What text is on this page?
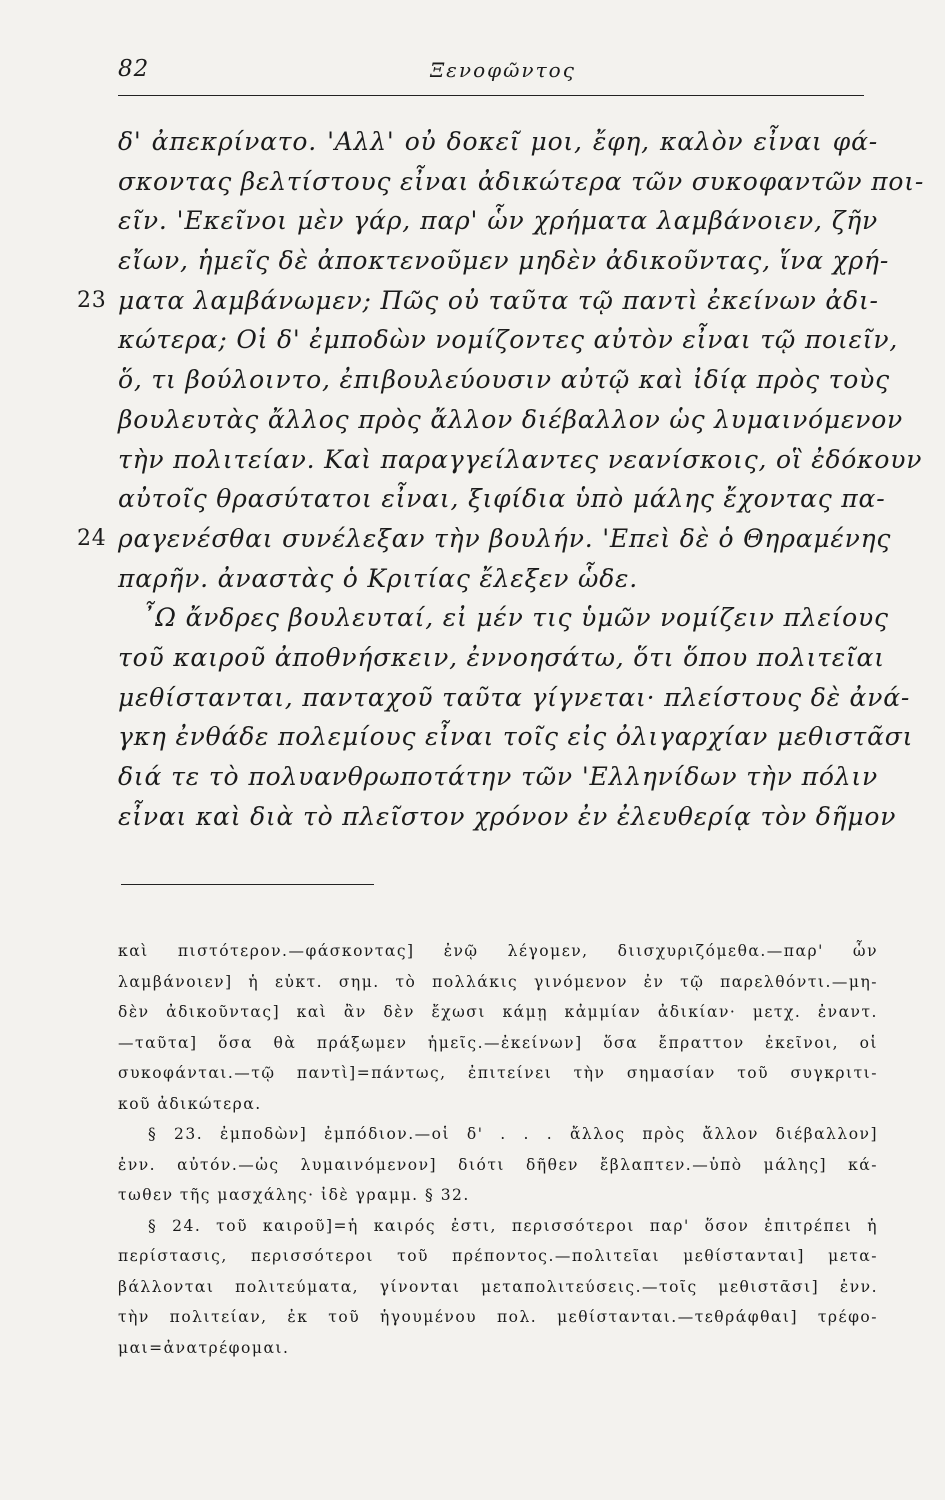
82	Ξενοφῶντος
δ' ἀπεκρίνατο. 'Αλλ' οὐ δοκεῖ μοι, ἔφη, καλὸν εἶναι φά-
σκοντας βελτίστους εἶναι ἀδικώτερα τῶν συκοφαντῶν ποι-
εῖν. 'Εκεῖνοι μὲν γάρ, παρ' ὧν χρήματα λαμβάνοιεν, ζῆν
εἴων, ἡμεῖς δὲ ἀποκτενοῦμεν μηδὲν ἀδικοῦντας, ἵνα χρή-
23 ματα λαμβάνωμεν; Πῶς οὐ ταῦτα τῷ παντὶ ἐκείνων ἀδι-
κώτερα; Οἱ δ' ἐμποδὼν νομίζοντες αὐτὸν εἶναι τῷ ποιεῖν,
ὅ, τι βούλοιντο, ἐπιβουλεύουσιν αὐτῷ καὶ ἰδίᾳ πρὸς τοὺς
βουλευτὰς ἄλλος πρὸς ἄλλον διέβαλλον ὡς λυμαινόμενον
τὴν πολιτείαν. Καὶ παραγγείλαντες νεανίσκοις, οἳ ἐδόκουν
αὐτοῖς θρασύτατοι εἶναι, ξιφίδια ὑπὸ μάλης ἔχοντας πα-
24 ραγενέσθαι συνέλεξαν τὴν βουλήν. 'Επεὶ δὲ ὁ Θηραμένης
παρῆν. ἀναστὰς ὁ Κριτίας ἔλεξεν ὧδε.
῏Ω ἄνδρες βουλευταί, εἰ μέν τις ὑμῶν νομίζειν πλείους
τοῦ καιροῦ ἀποθνήσκειν, ἐννοησάτω, ὅτι ὅπου πολιτεῖαι
μεθίστανται, πανταχοῦ ταῦτα γίγνεται· πλείστους δὲ ἀνά-
γκη ἐνθάδε πολεμίους εἶναι τοῖς εἰς ὀλιγαρχίαν μεθιστᾶσι
διά τε τὸ πολυανθρωποτάτην τῶν 'Ελληνίδων τὴν πόλιν
εἶναι καὶ διὰ τὸ πλεῖστον χρόνον ἐν ἐλευθερίᾳ τὸν δῆμον
καὶ πιστότερον.—φάσκοντας] ἐνῷ λέγομεν, διισχυριζόμεθα.—παρ' ὧν
λαμβάνοιεν] ἡ εὐκτ. σημ. τὸ πολλάκις γινόμενον ἐν τῷ παρελθόντι.—μη-
δὲν ἀδικοῦντας] καὶ ἂν δὲν ἔχωσι κάμῃ κἀμμίαν ἀδικίαν· μετχ. ἐναντ.
—ταῦτα] ὅσα θὰ πράξωμεν ἡμεῖς.—ἐκείνων] ὅσα ἔπραττον ἐκεῖνοι, οἱ
συκοφάνται.—τῷ παντὶ]=πάντως, ἐπιτείνει τὴν σημασίαν τοῦ συγκριτι-
κοῦ ἀδικώτερα.
§ 23. ἐμποδὼν] ἐμπόδιον.—οἱ δ' . . . ἄλλος πρὸς ἄλλον διέβαλλον]
ἐνν. αὐτόν.—ὡς λυμαινόμενον] διότι δῆθεν ἔβλαπτεν.—ὑπὸ μάλης] κά-
τωθεν τῆς μασχάλης· ἰδὲ γραμμ. § 32.
§ 24. τοῦ καιροῦ]=ἡ καιρός ἐστι, περισσότεροι παρ' ὅσον ἐπιτρέπει ἡ
περίστασις, περισσότεροι τοῦ πρέποντος.—πολιτεῖαι μεθίστανται] μετα-
βάλλονται πολιτεύματα, γίνονται μεταπολιτεύσεις.—τοῖς μεθιστᾶσι] ἐνν.
τὴν πολιτείαν, ἐκ τοῦ ἡγουμένου πολ. μεθίστανται.—τεθράφθαι] τρέφο-
μαι=ἀνατρέφομαι.
